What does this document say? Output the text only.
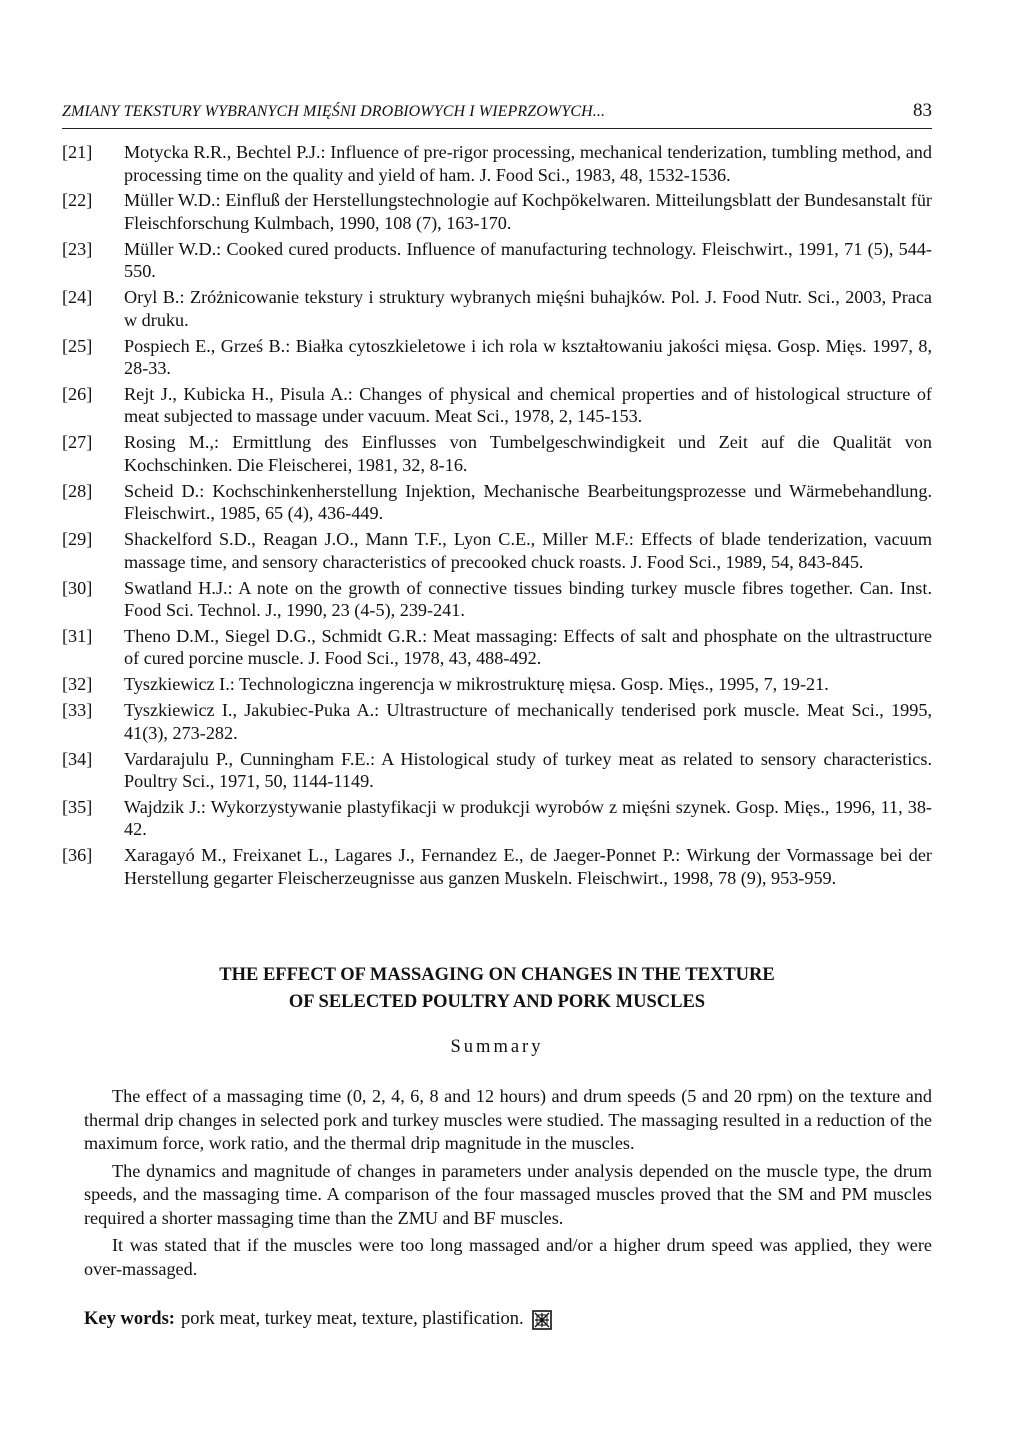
ZMIANY TEKSTURY WYBRANYCH MIĘŚNI DROBIOWYCH I WIEPRZOWYCH...	83
[21]	Motycka R.R., Bechtel P.J.: Influence of pre-rigor processing, mechanical tenderization, tumbling method, and processing time on the quality and yield of ham. J. Food Sci., 1983, 48, 1532-1536.
[22]	Müller W.D.: Einfluß der Herstellungstechnologie auf Kochpökelwaren. Mitteilungsblatt der Bundesanstalt für Fleischforschung Kulmbach, 1990, 108 (7), 163-170.
[23]	Müller W.D.: Cooked cured products. Influence of manufacturing technology. Fleischwirt., 1991, 71 (5), 544-550.
[24]	Oryl B.: Zróżnicowanie tekstury i struktury wybranych mięśni buhajków. Pol. J. Food Nutr. Sci., 2003, Praca w druku.
[25]	Pospiech E., Grześ B.: Białka cytoszkieletowe i ich rola w kształtowaniu jakości mięsa. Gosp. Mięs. 1997, 8, 28-33.
[26]	Rejt J., Kubicka H., Pisula A.: Changes of physical and chemical properties and of histological structure of meat subjected to massage under vacuum. Meat Sci., 1978, 2, 145-153.
[27]	Rosing M.,: Ermittlung des Einflusses von Tumbelgeschwindigkeit und Zeit auf die Qualität von Kochschinken. Die Fleischerei, 1981, 32, 8-16.
[28]	Scheid D.: Kochschinkenherstellung Injektion, Mechanische Bearbeitungsprozesse und Wärmebehandlung. Fleischwirt., 1985, 65 (4), 436-449.
[29]	Shackelford S.D., Reagan J.O., Mann T.F., Lyon C.E., Miller M.F.: Effects of blade tenderization, vacuum massage time, and sensory characteristics of precooked chuck roasts. J. Food Sci., 1989, 54, 843-845.
[30]	Swatland H.J.: A note on the growth of connective tissues binding turkey muscle fibres together. Can. Inst. Food Sci. Technol. J., 1990, 23 (4-5), 239-241.
[31]	Theno D.M., Siegel D.G., Schmidt G.R.: Meat massaging: Effects of salt and phosphate on the ultrastructure of cured porcine muscle. J. Food Sci., 1978, 43, 488-492.
[32]	Tyszkiewicz I.: Technologiczna ingerencja w mikrostrukturę mięsa. Gosp. Mięs., 1995, 7, 19-21.
[33]	Tyszkiewicz I., Jakubiec-Puka A.: Ultrastructure of mechanically tenderised pork muscle. Meat Sci., 1995, 41(3), 273-282.
[34]	Vardarajulu P., Cunningham F.E.: A Histological study of turkey meat as related to sensory characteristics. Poultry Sci., 1971, 50, 1144-1149.
[35]	Wajdzik J.: Wykorzystywanie plastyfikacji w produkcji wyrobów z mięśni szynek. Gosp. Mięs., 1996, 11, 38-42.
[36]	Xaragayó M., Freixanet L., Lagares J., Fernandez E., de Jaeger-Ponnet P.: Wirkung der Vormassage bei der Herstellung gegarter Fleischerzeugnisse aus ganzen Muskeln. Fleischwirt., 1998, 78 (9), 953-959.
THE EFFECT OF MASSAGING ON CHANGES IN THE TEXTURE
OF SELECTED POULTRY AND PORK MUSCLES
Summary

The effect of a massaging time (0, 2, 4, 6, 8 and 12 hours) and drum speeds (5 and 20 rpm) on the texture and thermal drip changes in selected pork and turkey muscles were studied. The massaging resulted in a reduction of the maximum force, work ratio, and the thermal drip magnitude in the muscles.

The dynamics and magnitude of changes in parameters under analysis depended on the muscle type, the drum speeds, and the massaging time. A comparison of the four massaged muscles proved that the SM and PM muscles required a shorter massaging time than the ZMU and BF muscles.

It was stated that if the muscles were too long massaged and/or a higher drum speed was applied, they were over-massaged.

Key words: pork meat, turkey meat, texture, plastification.
